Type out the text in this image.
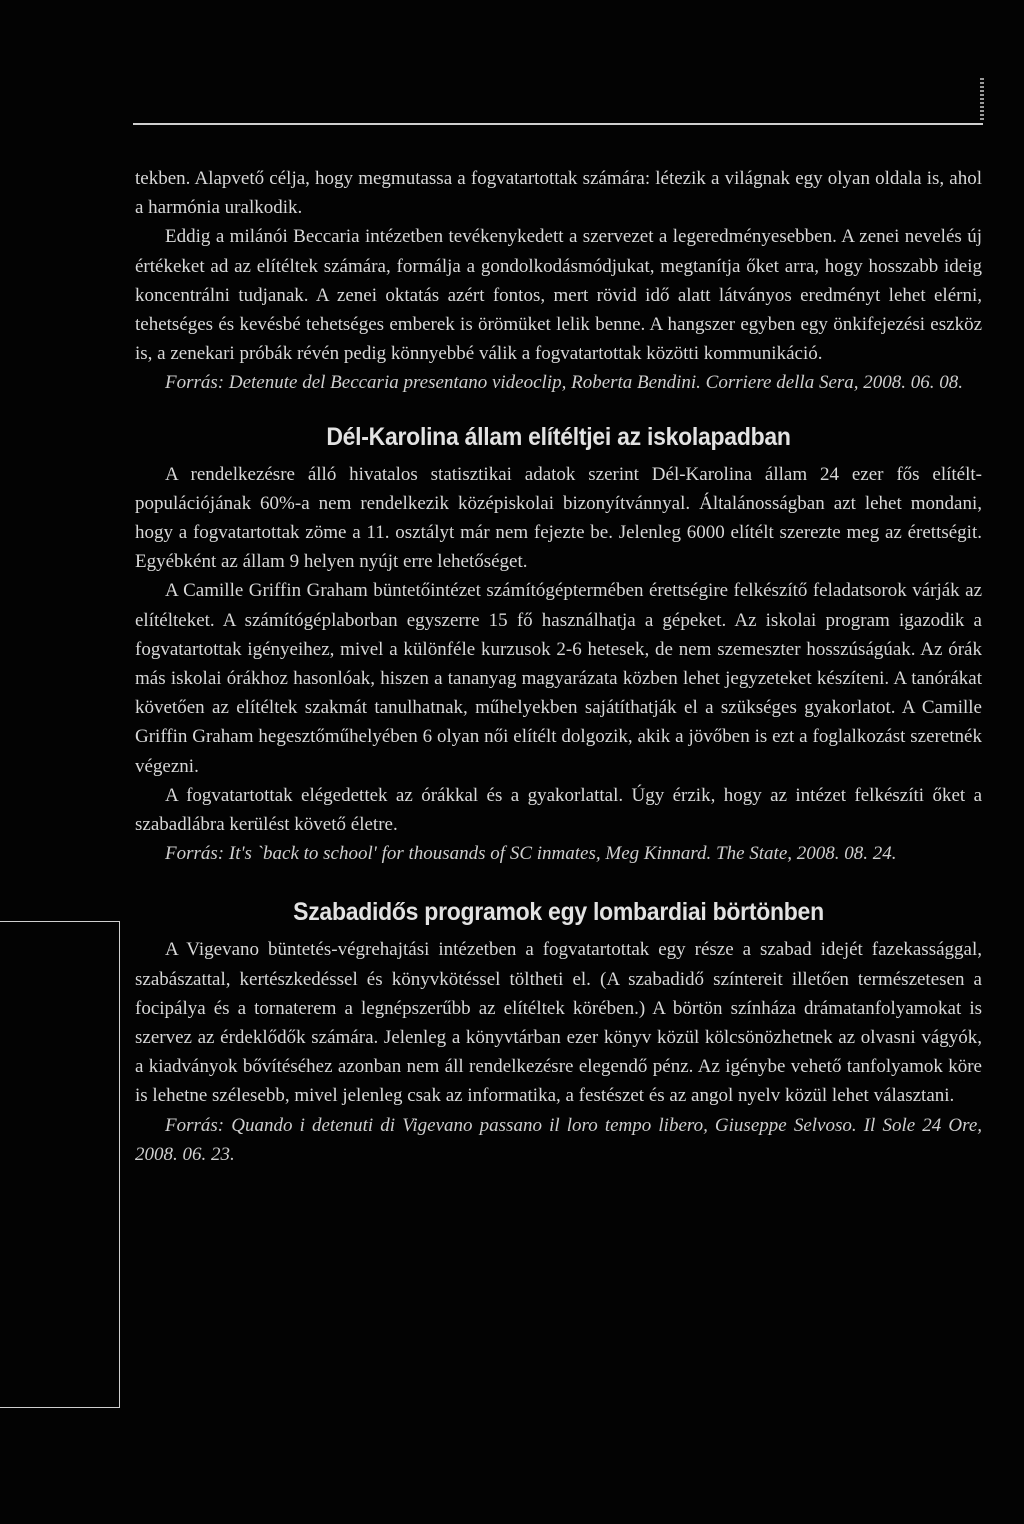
tekben. Alapvető célja, hogy megmutassa a fogvatartottak számára: létezik a világnak egy olyan oldala is, ahol a harmónia uralkodik.

Eddig a milánói Beccaria intézetben tevékenykedett a szervezet a legeredményesebben. A zenei nevelés új értékeket ad az elítéltek számára, formálja a gondolkodásmódjukat, megtanítja őket arra, hogy hosszabb ideig koncentrálni tudjanak. A zenei oktatás azért fontos, mert rövid idő alatt látványos eredményt lehet elérni, tehetséges és kevésbé tehetséges emberek is örömüket lelik benne. A hangszer egyben egy önkifejezési eszköz is, a zenekari próbák révén pedig könnyebbé válik a fogvatartottak közötti kommunikáció.

Forrás: Detenute del Beccaria presentano videoclip, Roberta Bendini. Corriere della Sera, 2008. 06. 08.

Dél-Karolina állam elítéltjei az iskolapadban

A rendelkezésre álló hivatalos statisztikai adatok szerint Dél-Karolina állam 24 ezer fős elítélt-populációjának 60%-a nem rendelkezik középiskolai bizonyítvánnyal. Általánosságban azt lehet mondani, hogy a fogvatartottak zöme a 11. osztályt már nem fejezte be. Jelenleg 6000 elítélt szerezte meg az érettségit. Egyébként az állam 9 helyen nyújt erre lehetőséget.

A Camille Griffin Graham büntetőintézet számítógéptermében érettségire felkészítő feladatsorok várják az elítélteket. A számítógéplaborban egyszerre 15 fő használhatja a gépeket. Az iskolai program igazodik a fogvatartottak igényeihez, mivel a különféle kurzusok 2-6 hetesek, de nem szemeszter hosszúságúak. Az órák más iskolai órákhoz hasonlóak, hiszen a tananyag magyarázata közben lehet jegyzeteket készíteni. A tanórákat követően az elítéltek szakmát tanulhatnak, műhelyekben sajátíthatják el a szükséges gyakorlatot. A Camille Griffin Graham hegesztőműhelyében 6 olyan női elítélt dolgozik, akik a jövőben is ezt a foglalkozást szeretnék végezni.

A fogvatartottak elégedettek az órákkal és a gyakorlattal. Úgy érzik, hogy az intézet felkészíti őket a szabadlábra kerülést követő életre.

Forrás: It's `back to school' for thousands of SC inmates, Meg Kinnard. The State, 2008. 08. 24.

Szabadidős programok egy lombardiai börtönben

A Vigevano büntetés-végrehajtási intézetben a fogvatartottak egy része a szabad idejét fazekassággal, szabászattal, kertészkedéssel és könyvkötéssel töltheti el. (A szabadidő színtereit illetően természetesen a focipálya és a tornaterem a legnépszerűbb az elítéltek körében.) A börtön színháza drámatanfolyamokat is szervez az érdeklődők számára. Jelenleg a könyvtárban ezer könyv közül kölcsönözhetnek az olvasni vágyók, a kiadványok bővítéséhez azonban nem áll rendelkezésre elegendő pénz. Az igénybe vehető tanfolyamok köre is lehetne szélesebb, mivel jelenleg csak az informatika, a festészet és az angol nyelv közül lehet választani.

Forrás: Quando i detenuti di Vigevano passano il loro tempo libero, Giuseppe Selvoso. Il Sole 24 Ore, 2008. 06. 23.
